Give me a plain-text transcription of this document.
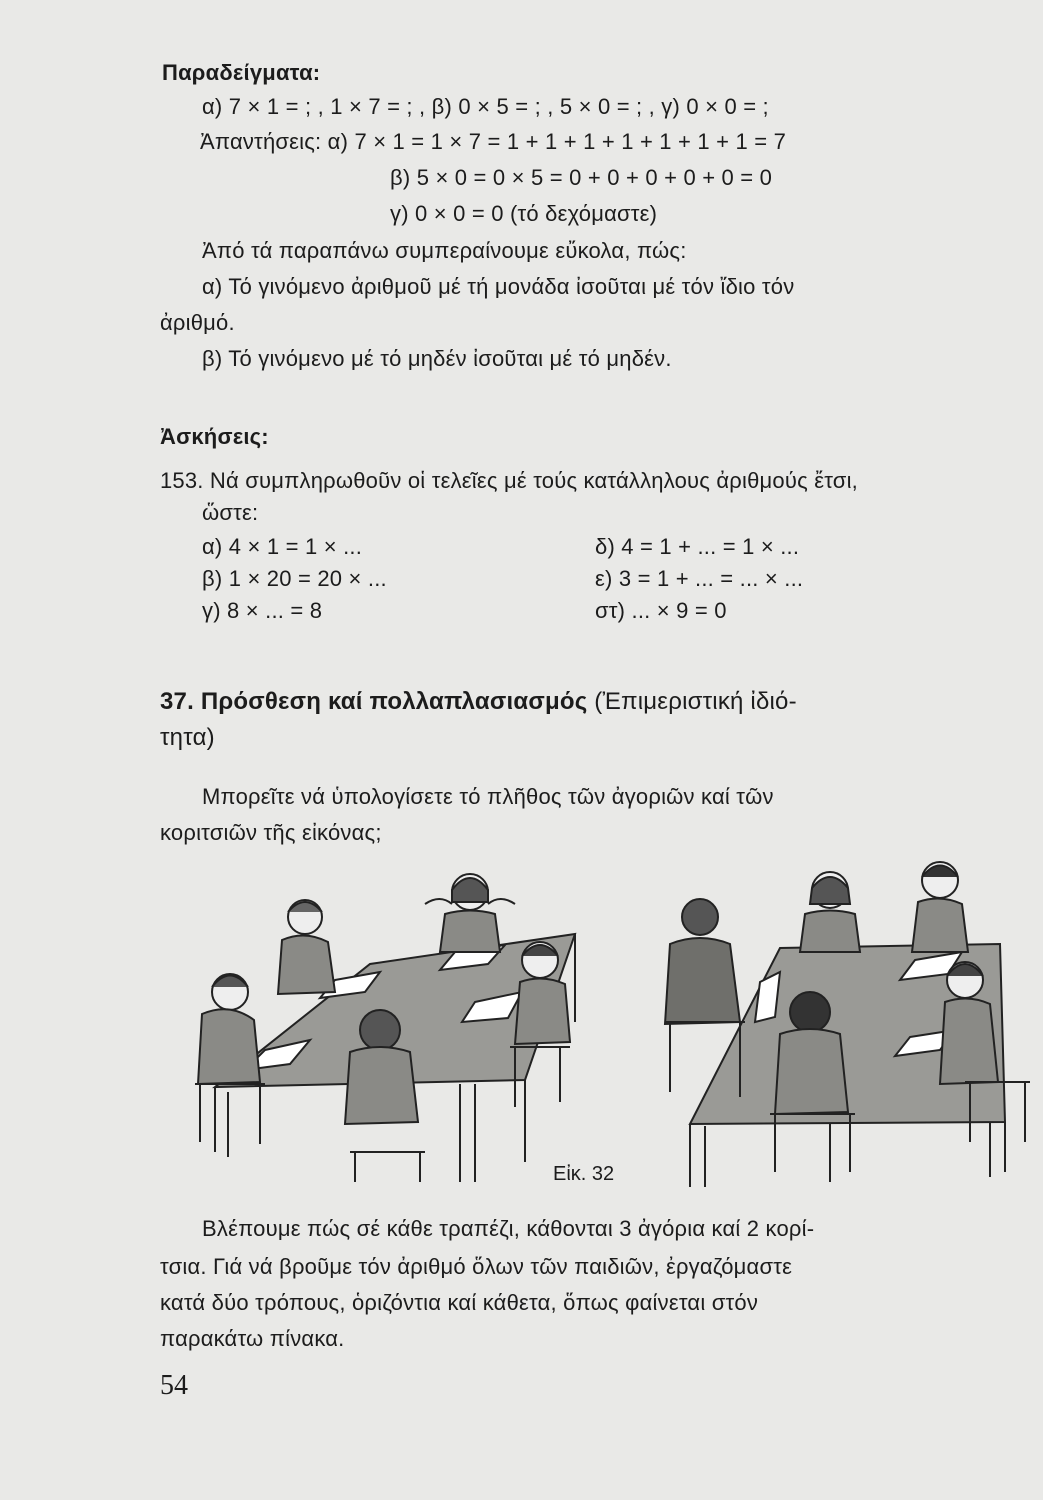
Παραδείγματα:
α) 7 × 1 = ; , 1 × 7 = ; , β) 0 × 5 = ; , 5 × 0 = ; , γ) 0 × 0 = ;
Ἀπαντήσεις: α) 7 × 1 = 1 × 7 = 1 + 1 + 1 + 1 + 1 + 1 + 1 = 7
β) 5 × 0 = 0 × 5 = 0 + 0 + 0 + 0 + 0 = 0
γ) 0 × 0 = 0 (τό δεχόμαστε)
Ἀπό τά παραπάνω συμπεραίνουμε εὔκολα, πώς:
α) Τό γινόμενο ἀριθμοῦ μέ τή μονάδα ἰσοῦται μέ τόν ἴδιο τόν
ἀριθμό.
β) Τό γινόμενο μέ τό μηδέν ἰσοῦται μέ τό μηδέν.
Ἀσκήσεις:
153. Νά συμπληρωθοῦν οἱ τελεῖες μέ τούς κατάλληλους ἀριθμούς ἔτσι,
ὥστε:
α) 4 × 1 = 1 × ...
β) 1 × 20 = 20 × ...
γ) 8 × ... = 8
δ) 4 = 1 + ... = 1 × ...
ε) 3 = 1 + ... = ... × ...
στ) ... × 9 = 0
37. Πρόσθεση καί πολλαπλασιασμός (Ἐπιμεριστική ἰδιό-
τητα)
Μπορεῖτε νά ὑπολογίσετε τό πλῆθος τῶν ἀγοριῶν καί τῶν
κοριτσιῶν τῆς εἰκόνας;
Εἰκ. 32
Βλέπουμε πώς σέ κάθε τραπέζι, κάθονται 3 ἀγόρια καί 2 κορί-
τσια. Γιά νά βροῦμε τόν ἀριθμό ὅλων τῶν παιδιῶν, ἐργαζόμαστε
κατά δύο τρόπους, ὁριζόντια καί κάθετα, ὅπως φαίνεται στόν
παρακάτω πίνακα.
54
